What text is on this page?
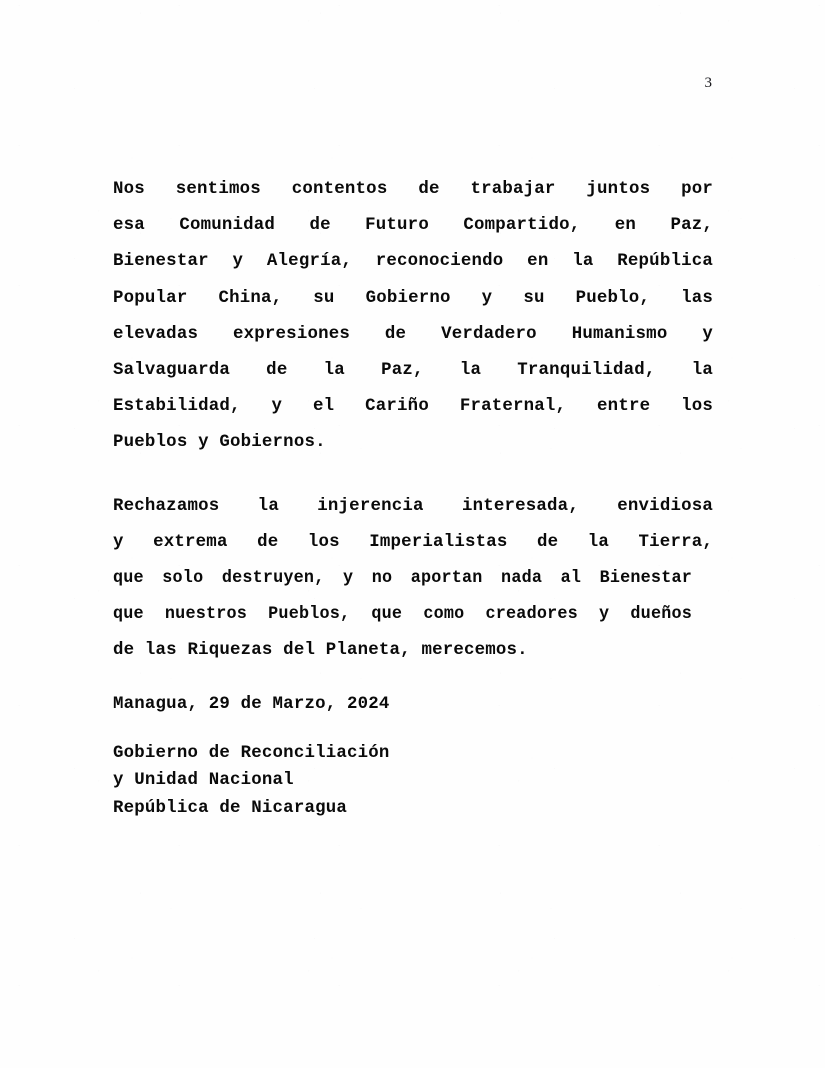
3
Nos sentimos contentos de trabajar juntos por
esa Comunidad de Futuro Compartido, en Paz,
Bienestar y Alegría, reconociendo en la República
Popular China, su Gobierno y su Pueblo, las
elevadas expresiones de Verdadero Humanismo y
Salvaguarda de la Paz, la Tranquilidad, la
Estabilidad, y el Cariño Fraternal, entre los
Pueblos y Gobiernos.
Rechazamos la injerencia interesada, envidiosa
y extrema de los Imperialistas de la Tierra,
que solo destruyen, y no aportan nada al Bienestar
que nuestros Pueblos, que como creadores y dueños
de las Riquezas del Planeta, merecemos.
Managua, 29 de Marzo, 2024
Gobierno de Reconciliación
y Unidad Nacional
República de Nicaragua
